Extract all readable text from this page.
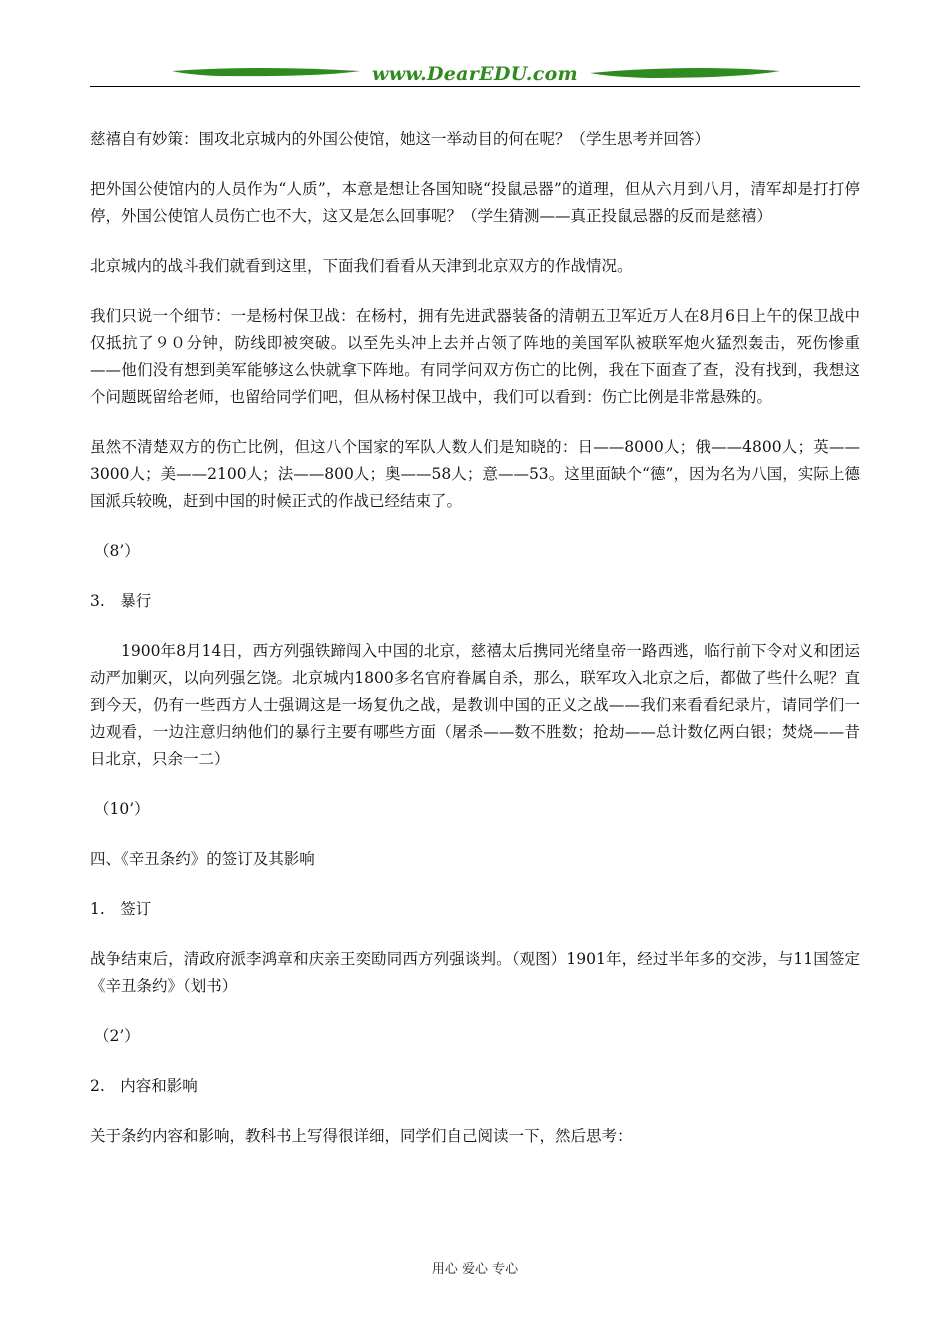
www.DearEDU.com

慈禧自有妙策：围攻北京城内的外国公使馆，她这一举动目的何在呢？（学生思考并回答）

把外国公使馆内的人员作为“人质”，本意是想让各国知晓“投鼠忌器”的道理，但从六月到八月，清军却是打打停停，外国公使馆人员伤亡也不大，这又是怎么回事呢？（学生猜测——真正投鼠忌器的反而是慈禧）

北京城内的战斗我们就看到这里，下面我们看看从天津到北京双方的作战情况。

我们只说一个细节：一是杨村保卫战：在杨村，拥有先进武器装备的清朝五卫军近万人在8月6日上午的保卫战中仅抵抗了９０分钟，防线即被突破。以至先头冲上去并占领了阵地的美国军队被联军炮火猛烈轰击，死伤惨重——他们没有想到美军能够这么快就拿下阵地。有同学问双方伤亡的比例，我在下面查了查，没有找到，我想这个问题既留给老师，也留给同学们吧，但从杨村保卫战中，我们可以看到：伤亡比例是非常悬殊的。

虽然不清楚双方的伤亡比例，但这八个国家的军队人数人们是知晓的：日——8000人；俄——4800人；英——3000人；美——2100人；法——800人；奥——58人；意——53。这里面缺个“德”，因为名为八国，实际上德国派兵较晚，赶到中国的时候正式的作战已经结束了。

（8’）

3.　暴行

1900年8月14日，西方列强铁蹄闯入中国的北京，慈禧太后携同光绪皇帝一路西逃，临行前下令对义和团运动严加剿灭，以向列强乞饶。北京城内1800多名官府眷属自杀，那么，联军攻入北京之后，都做了些什么呢？直到今天，仍有一些西方人士强调这是一场复仇之战，是教训中国的正义之战——我们来看看纪录片，请同学们一边观看，一边注意归纳他们的暴行主要有哪些方面（屠杀——数不胜数；抢劫——总计数亿两白银；焚烧——昔日北京，只余一二）

（10’）

四、《辛丑条约》的签订及其影响

1.　签订

战争结束后，清政府派李鸿章和庆亲王奕劻同西方列强谈判。（观图）1901年，经过半年多的交涉，与11国签定《辛丑条约》（划书）

（2’）

2.　内容和影响

关于条约内容和影响，教科书上写得很详细，同学们自己阅读一下，然后思考：

用心 爱心 专心
